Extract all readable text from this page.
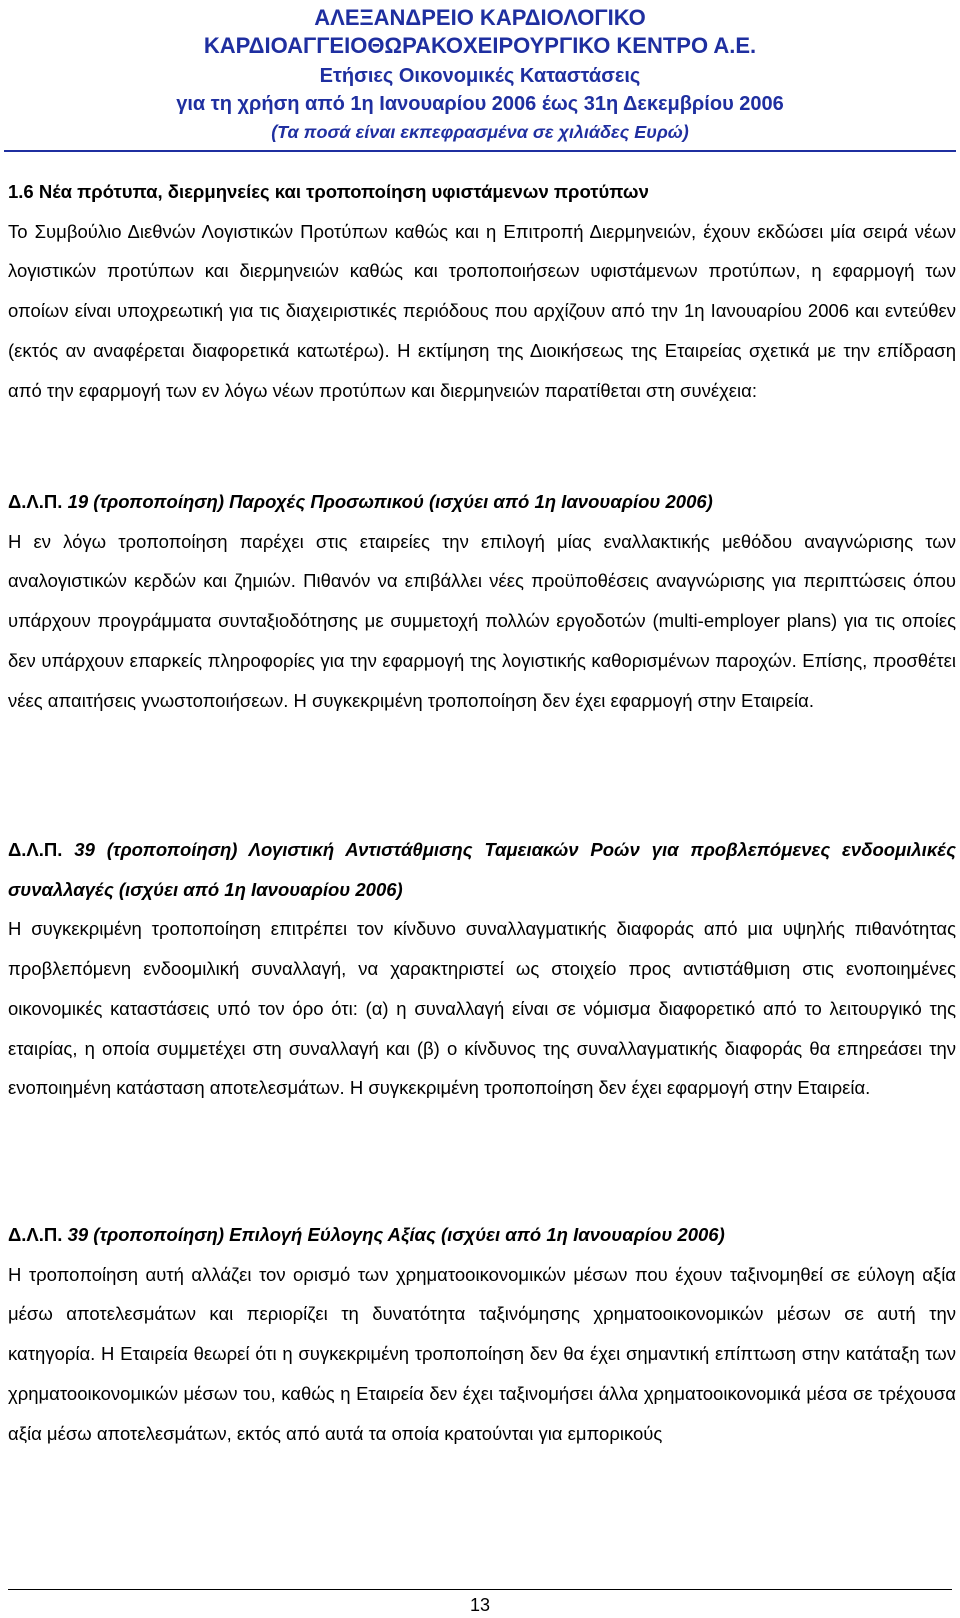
ΑΛΕΞΑΝΔΡΕΙΟ ΚΑΡΔΙΟΛΟΓΙΚΟ
ΚΑΡΔΙΟΑΓΓΕΙΟΘΩΡΑΚΟΧΕΙΡΟΥΡΓΙΚΟ ΚΕΝΤΡΟ Α.Ε.
Ετήσιες Οικονομικές Καταστάσεις
για τη χρήση από 1η Ιανουαρίου 2006 έως 31η Δεκεμβρίου 2006
(Τα ποσά είναι εκπεφρασμένα σε χιλιάδες Ευρώ)
1.6 Νέα πρότυπα, διερμηνείες και τροποποίηση υφιστάμενων προτύπων
Το Συμβούλιο Διεθνών Λογιστικών Προτύπων καθώς και η Επιτροπή Διερμηνειών, έχουν εκδώσει μία σειρά νέων λογιστικών προτύπων και διερμηνειών καθώς και τροποποιήσεων υφιστάμενων προτύπων, η εφαρμογή των οποίων είναι υποχρεωτική για τις διαχειριστικές περιόδους που αρχίζουν από την 1η Ιανουαρίου 2006 και εντεύθεν (εκτός αν αναφέρεται διαφορετικά κατωτέρω). Η εκτίμηση της Διοικήσεως της Εταιρείας σχετικά με την επίδραση από την εφαρμογή των εν λόγω νέων προτύπων και διερμηνειών παρατίθεται στη συνέχεια:
Δ.Λ.Π. 19 (τροποποίηση) Παροχές Προσωπικού (ισχύει από 1η Ιανουαρίου 2006)
Η εν λόγω τροποποίηση παρέχει στις εταιρείες την επιλογή μίας εναλλακτικής μεθόδου αναγνώρισης των αναλογιστικών κερδών και ζημιών. Πιθανόν να επιβάλλει νέες προϋποθέσεις αναγνώρισης για περιπτώσεις όπου υπάρχουν προγράμματα συνταξιοδότησης με συμμετοχή πολλών εργοδοτών (multi-employer plans) για τις οποίες δεν υπάρχουν επαρκείς πληροφορίες για την εφαρμογή της λογιστικής καθορισμένων παροχών. Επίσης, προσθέτει νέες απαιτήσεις γνωστοποιήσεων. Η συγκεκριμένη τροποποίηση δεν έχει εφαρμογή στην Εταιρεία.
Δ.Λ.Π. 39 (τροποποίηση) Λογιστική Αντιστάθμισης Ταμειακών Ροών για προβλεπόμενες ενδοομιλικές συναλλαγές (ισχύει από 1η Ιανουαρίου 2006)
Η συγκεκριμένη τροποποίηση επιτρέπει τον κίνδυνο συναλλαγματικής διαφοράς από μια υψηλής πιθανότητας προβλεπόμενη ενδοομιλική συναλλαγή, να χαρακτηριστεί ως στοιχείο προς αντιστάθμιση στις ενοποιημένες οικονομικές καταστάσεις υπό τον όρο ότι: (α) η συναλλαγή είναι σε νόμισμα διαφορετικό από το λειτουργικό της εταιρίας, η οποία συμμετέχει στη συναλλαγή και (β) ο κίνδυνος της συναλλαγματικής διαφοράς θα επηρεάσει την ενοποιημένη κατάσταση αποτελεσμάτων. Η συγκεκριμένη τροποποίηση δεν έχει εφαρμογή στην Εταιρεία.
Δ.Λ.Π. 39 (τροποποίηση) Επιλογή Εύλογης Αξίας (ισχύει από 1η Ιανουαρίου 2006)
Η τροποποίηση αυτή αλλάζει τον ορισμό των χρηματοοικονομικών μέσων που έχουν ταξινομηθεί σε εύλογη αξία μέσω αποτελεσμάτων και περιορίζει τη δυνατότητα ταξινόμησης χρηματοοικονομικών μέσων σε αυτή την κατηγορία. Η Εταιρεία θεωρεί ότι η συγκεκριμένη τροποποίηση δεν θα έχει σημαντική επίπτωση στην κατάταξη των χρηματοοικονομικών μέσων του, καθώς η Εταιρεία δεν έχει ταξινομήσει άλλα χρηματοοικονομικά μέσα σε τρέχουσα αξία μέσω αποτελεσμάτων, εκτός από αυτά τα οποία κρατούνται για εμπορικούς
13
